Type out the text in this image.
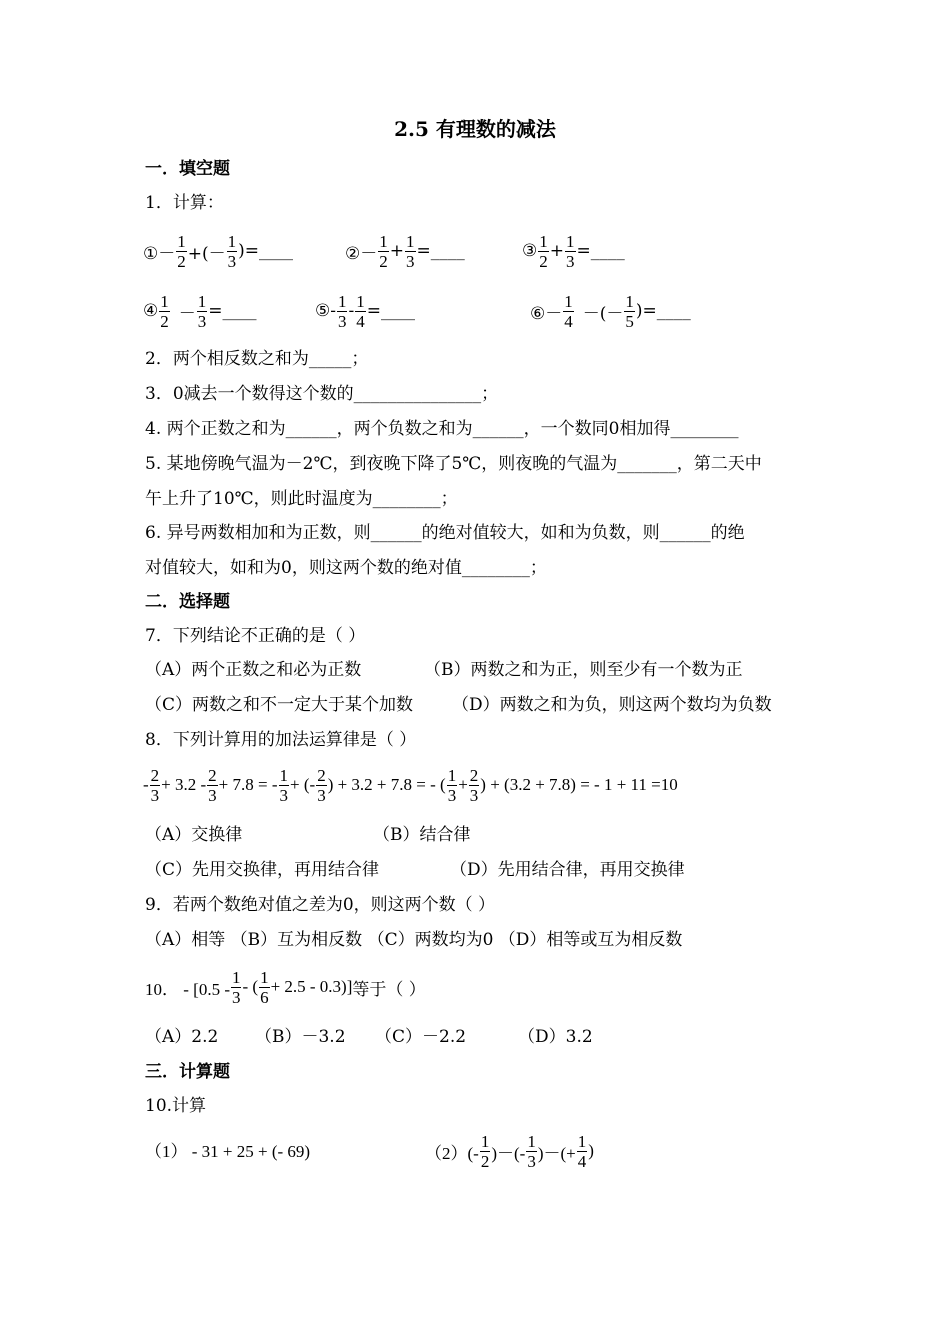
2.5 有理数的减法
一．填空题
1．计算：
①－ $\frac{1}{2}$ +(－ $\frac{1}{3}$ )=____	②－ $\frac{1}{2} + \frac{1}{3}$ =____	③ $\frac{1}{2} + \frac{1}{3}$ =____
④ $\frac{1}{2} - \frac{1}{3}$ =____	⑤- $\frac{1}{3} - \frac{1}{4}$ =____	⑥－ $\frac{1}{4}$ －(－ $\frac{1}{5}$ )=____
2．两个相反数之和为_____；
3．0减去一个数得这个数的_______________；
4. 两个正数之和为______，两个负数之和为______，一个数同0相加得________
5. 某地傍晚气温为－2℃，到夜晚下降了5℃，则夜晚的气温为_______，第二天中
午上升了10℃，则此时温度为________；
6. 异号两数相加和为正数，则______的绝对值较大，如和为负数，则______的绝
对值较大，如和为0，则这两个数的绝对值________；
二．选择题
7．下列结论不正确的是（ ）
（A）两个正数之和必为正数	（B）两数之和为正，则至少有一个数为正
（C）两数之和不一定大于某个加数 （D）两数之和为负，则这两个数均为负数
8．下列计算用的加法运算律是（ ）
- $\frac{2}{3} + 3.2 - \frac{2}{3} + 7.8$ = - $\frac{1}{3}$ + (- $\frac{2}{3}$ ) + 3.2 + 7.8 = - ( $\frac{1}{3} + \frac{2}{3}$ ) + (3.2 + 7.8) = - 1 + 11 =10
（A）交换律	（B）结合律
（C）先用交换律，再用结合律	（D）先用结合律，再用交换律
9．若两个数绝对值之差为0，则这两个数（ ）
（A）相等 （B）互为相反数 （C）两数均为0 （D）相等或互为相反数
10． - [$0.5 - \frac{1}{3}$ - ( $\frac{1}{6} + 2.5 - 0.3$)] 等于（ ）
（A）2.2 （B）－3.2 （C）－2.2	（D）3.2
三．计算题
10.计算
（1） - 31 + 25 + (- 69)	$(2)(- \frac{1}{2}$ )－(- $\frac{1}{3}$ )－(+ $\frac{1}{4}$ )
